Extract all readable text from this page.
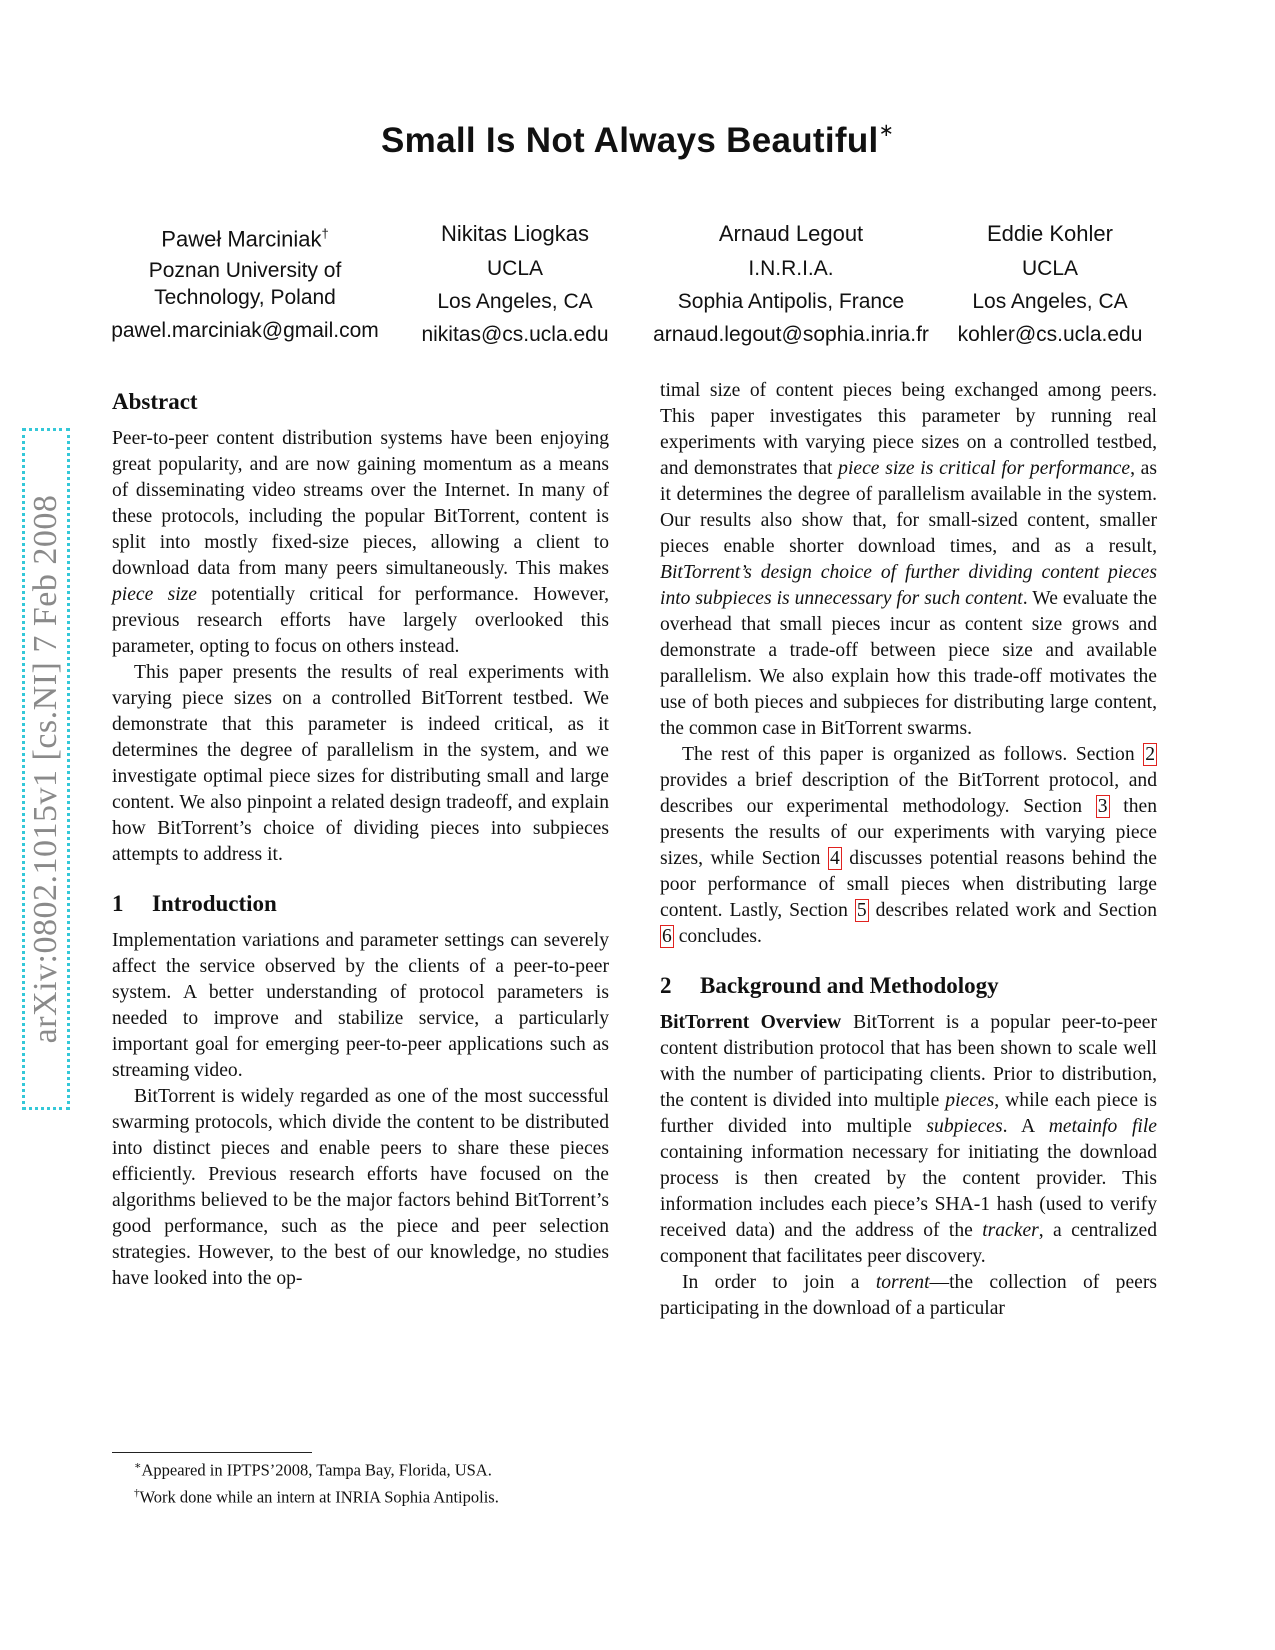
arXiv:0802.1015v1 [cs.NI] 7 Feb 2008
Small Is Not Always Beautiful∗
Paweł Marciniak†
Poznan University of
Technology, Poland
pawel.marciniak@gmail.com
Nikitas Liogkas
UCLA
Los Angeles, CA
nikitas@cs.ucla.edu
Arnaud Legout
I.N.R.I.A.
Sophia Antipolis, France
arnaud.legout@sophia.inria.fr
Eddie Kohler
UCLA
Los Angeles, CA
kohler@cs.ucla.edu
Abstract

Peer-to-peer content distribution systems have been enjoying great popularity, and are now gaining momentum as a means of disseminating video streams over the Internet. In many of these protocols, including the popular BitTorrent, content is split into mostly fixed-size pieces, allowing a client to download data from many peers simultaneously. This makes piece size potentially critical for performance. However, previous research efforts have largely overlooked this parameter, opting to focus on others instead.

This paper presents the results of real experiments with varying piece sizes on a controlled BitTorrent testbed. We demonstrate that this parameter is indeed critical, as it determines the degree of parallelism in the system, and we investigate optimal piece sizes for distributing small and large content. We also pinpoint a related design tradeoff, and explain how BitTorrent’s choice of dividing pieces into subpieces attempts to address it.

1 Introduction

Implementation variations and parameter settings can severely affect the service observed by the clients of a peer-to-peer system. A better understanding of protocol parameters is needed to improve and stabilize service, a particularly important goal for emerging peer-to-peer applications such as streaming video.

BitTorrent is widely regarded as one of the most successful swarming protocols, which divide the content to be distributed into distinct pieces and enable peers to share these pieces efficiently. Previous research efforts have focused on the algorithms believed to be the major factors behind BitTorrent’s good performance, such as the piece and peer selection strategies. However, to the best of our knowledge, no studies have looked into the op-

timal size of content pieces being exchanged among peers. This paper investigates this parameter by running real experiments with varying piece sizes on a controlled testbed, and demonstrates that piece size is critical for performance, as it determines the degree of parallelism available in the system. Our results also show that, for small-sized content, smaller pieces enable shorter download times, and as a result, BitTorrent’s design choice of further dividing content pieces into subpieces is unnecessary for such content. We evaluate the overhead that small pieces incur as content size grows and demonstrate a trade-off between piece size and available parallelism. We also explain how this trade-off motivates the use of both pieces and subpieces for distributing large content, the common case in BitTorrent swarms.

The rest of this paper is organized as follows. Section 2 provides a brief description of the BitTorrent protocol, and describes our experimental methodology. Section 3 then presents the results of our experiments with varying piece sizes, while Section 4 discusses potential reasons behind the poor performance of small pieces when distributing large content. Lastly, Section 5 describes related work and Section 6 concludes.

2 Background and Methodology

BitTorrent Overview BitTorrent is a popular peer-to-peer content distribution protocol that has been shown to scale well with the number of participating clients. Prior to distribution, the content is divided into multiple pieces, while each piece is further divided into multiple subpieces. A metainfo file containing information necessary for initiating the download process is then created by the content provider. This information includes each piece’s SHA-1 hash (used to verify received data) and the address of the tracker, a centralized component that facilitates peer discovery.

In order to join a torrent—the collection of peers participating in the download of a particular

∗Appeared in IPTPS’2008, Tampa Bay, Florida, USA.
†Work done while an intern at INRIA Sophia Antipolis.
